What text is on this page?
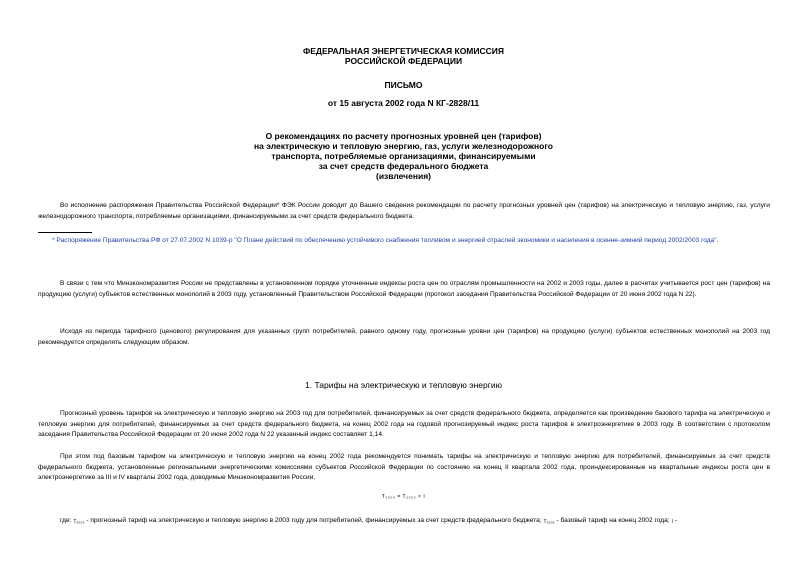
ФЕДЕРАЛЬНАЯ ЭНЕРГЕТИЧЕСКАЯ КОМИССИЯ
РОССИЙСКОЙ ФЕДЕРАЦИИ
ПИСЬМО
от 15 августа 2002 года N КГ-2828/11
О рекомендациях по расчету прогнозных уровней цен (тарифов)
на электрическую и тепловую энергию, газ, услуги железнодорожного
транспорта, потребляемые организациями, финансируемыми
за счет средств федерального бюджета
(извлечения)
Во исполнение распоряжения Правительства Российской Федерации* ФЭК России доводит до Вашего сведения рекомендации по расчету прогнозных уровней цен (тарифов) на электрическую и тепловую энергию, газ, услуги железнодорожного транспорта, потребляемые организациями, финансируемыми за счет средств федерального бюджета.
* Распоряжение Правительства РФ от 27.07.2002 N 1039-р "О Плане действий по обеспечению устойчивого снабжения топливом и энергией отраслей экономики и населения в осенне-зимний период 2002/2003 года".
В связи с тем что Минэкономразвития России не представлены в установленном порядке уточненные индексы роста цен по отраслям промышленности на 2002 и 2003 годы, далее в расчетах учитывается рост цен (тарифов) на продукцию (услуги) субъектов естественных монополий в 2003 году, установленный Правительством Российской Федерации (протокол заседания Правительства Российской Федерации от 20 июня 2002 года N 22).
Исходя из периода тарифного (ценового) регулирования для указанных групп потребителей, равного одному году, прогнозные уровни цен (тарифов) на продукцию (услуги) субъектов естественных монополий на 2003 год рекомендуется определять следующим образом.
1. Тарифы на электрическую и тепловую энергию
Прогнозный уровень тарифов на электрическую и тепловую энергию на 2003 год для потребителей, финансируемых за счет средств федерального бюджета, определяется как произведение базового тарифа на электрическую и тепловую энергию для потребителей, финансируемых за счет средств федерального бюджета, на конец 2002 года на годовой прогнозируемый индекс роста тарифов в электроэнергетике в 2003 году. В соответствии с протоколом заседания Правительства Российской Федерации от 20 июня 2002 года N 22 указанный индекс составляет 1,14.
При этом под базовым тарифом на электрическую и тепловую энергию на конец 2002 года рекомендуется понимать тарифы на электрическую и тепловую энергию для потребителей, финансируемых за счет средств федерального бюджета, установленные региональными энергетическими комиссиями субъектов Российской Федерации по состоянию на конец II квартала 2002 года, проиндексированные на квартальные индексы роста цен в электроэнергетике за III и IV кварталы 2002 года, доводимые Минэкономразвития России.
T₂₀₀₃ = T₂₀₀₂ × I
где: $_{T_{2003}}$ - прогнозный тариф на электрическую и тепловую энергию в 2003 году для потребителей, финансируемых за счет средств федерального бюджета; $_{T_{2002}}$ - базовый тариф на конец 2002 года; $_I$ -
